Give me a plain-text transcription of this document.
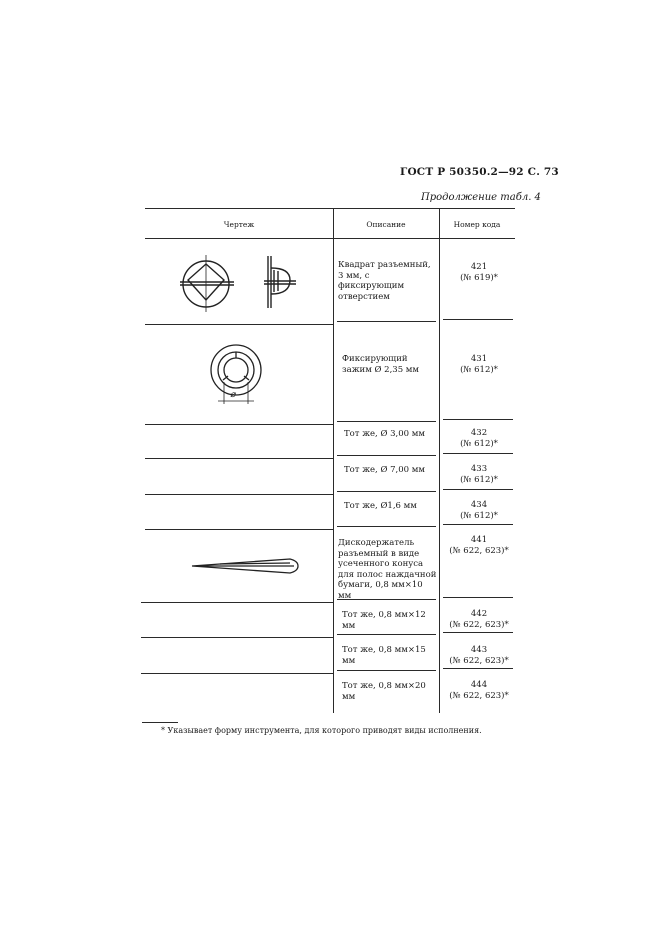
ГОСТ Р 50350.2—92 С. 73
Продолжение табл. 4
Чертеж	Описание	Номер кода
Квадрат разъемный, 3 мм, с фиксирующим отверстием
Фиксирующий зажим Ø 2,35 мм
Тот же, Ø 3,00 мм
Тот же, Ø 7,00 мм
Тот же, Ø1,6 мм
Дискодержатель разъемный в виде усеченного конуса для полос наждачной бумаги, 0,8 мм×10 мм
Тот же, 0,8 мм×12 мм
Тот же, 0,8 мм×15 мм
Тот же, 0,8 мм×20 мм
421
(№ 619)*
431
(№ 612)*
432
(№ 612)*
433
(№ 612)*
434
(№ 612)*
441
(№ 622, 623)*
442
(№ 622, 623)*
443
(№ 622, 623)*
444
(№ 622, 623)*
⌀
* Указывает форму инструмента, для которого приводят виды исполнения.
